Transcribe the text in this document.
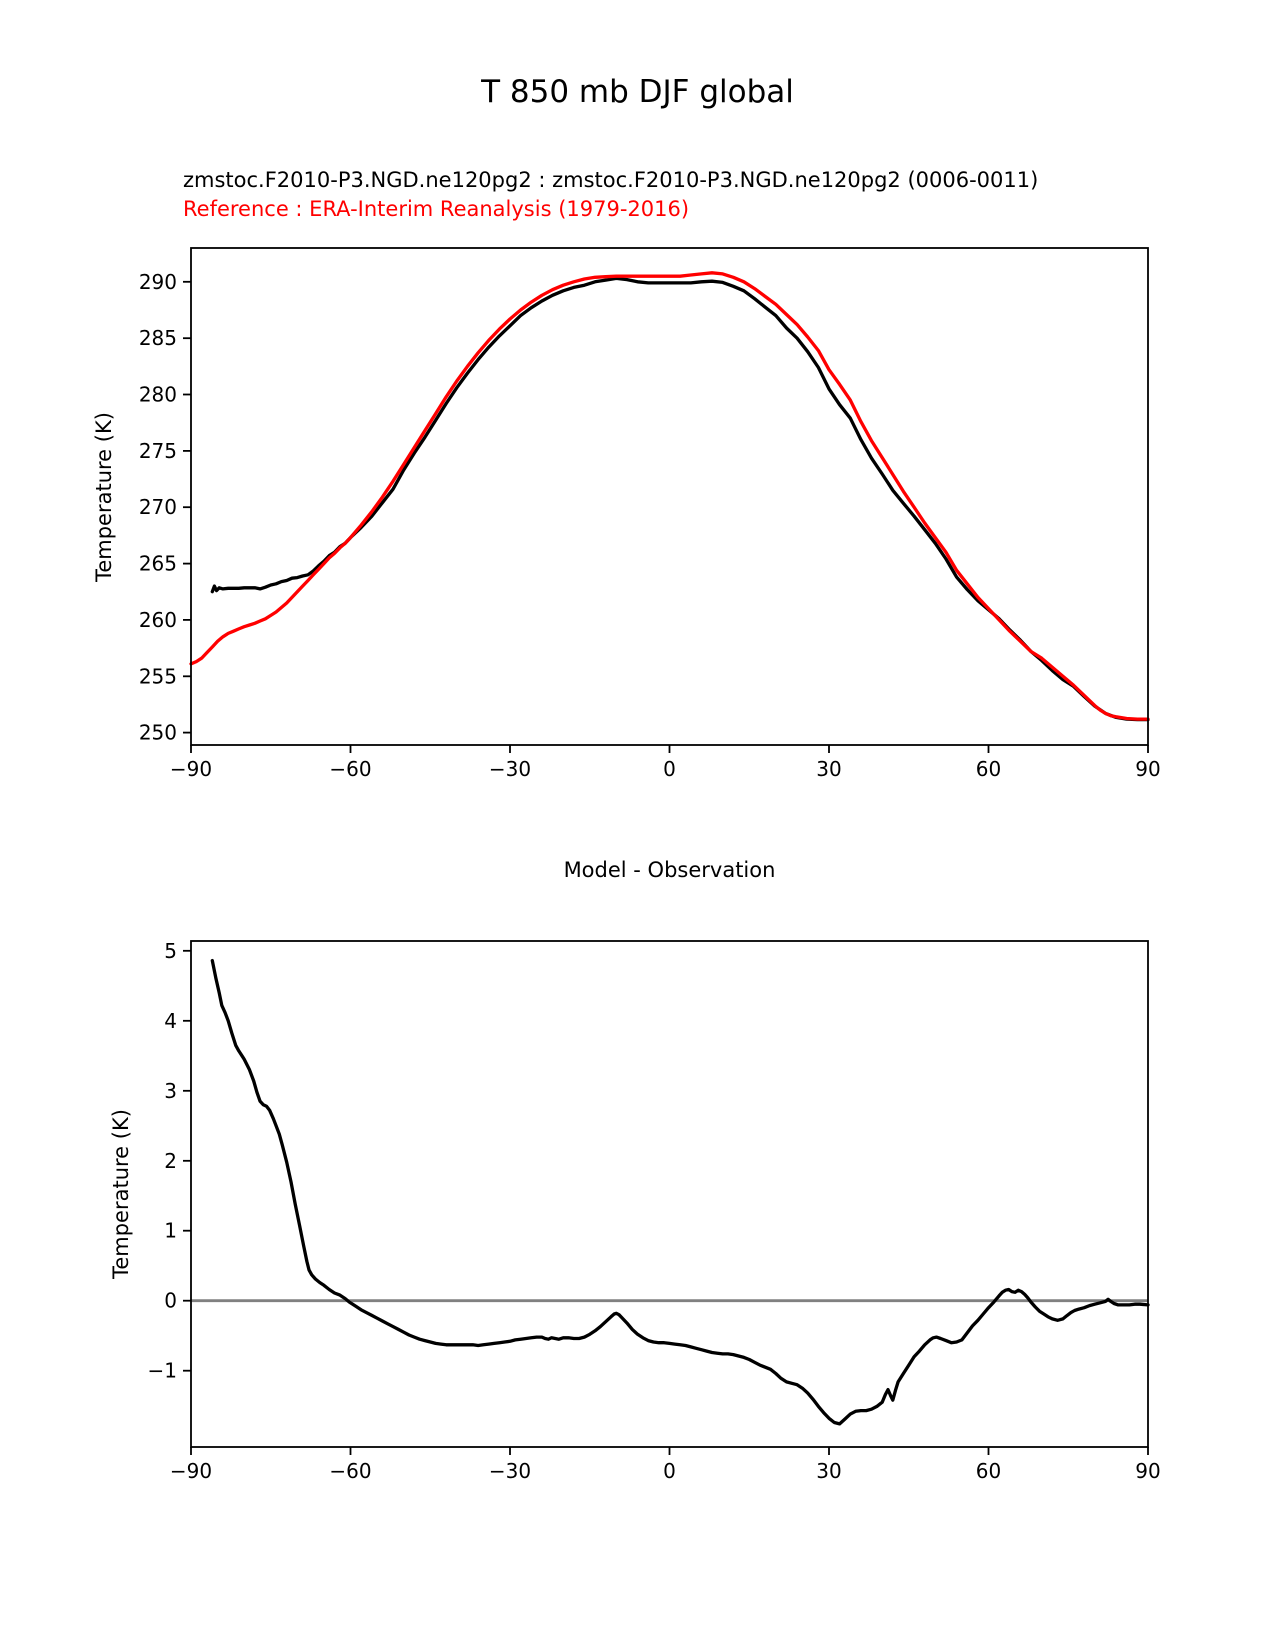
−90	−60	−30	0	30	60	90
250
255
260
265
270
275
280
285
290
−90	−60	−30	0	30	60	90
−1
0
1
2
3
4
5
T 850 mb DJF global
zmstoc.F2010-P3.NGD.ne120pg2 : zmstoc.F2010-P3.NGD.ne120pg2 (0006-0011)
Reference : ERA-Interim Reanalysis (1979-2016)
Temperature (K)
Model - Observation
Temperature (K)
